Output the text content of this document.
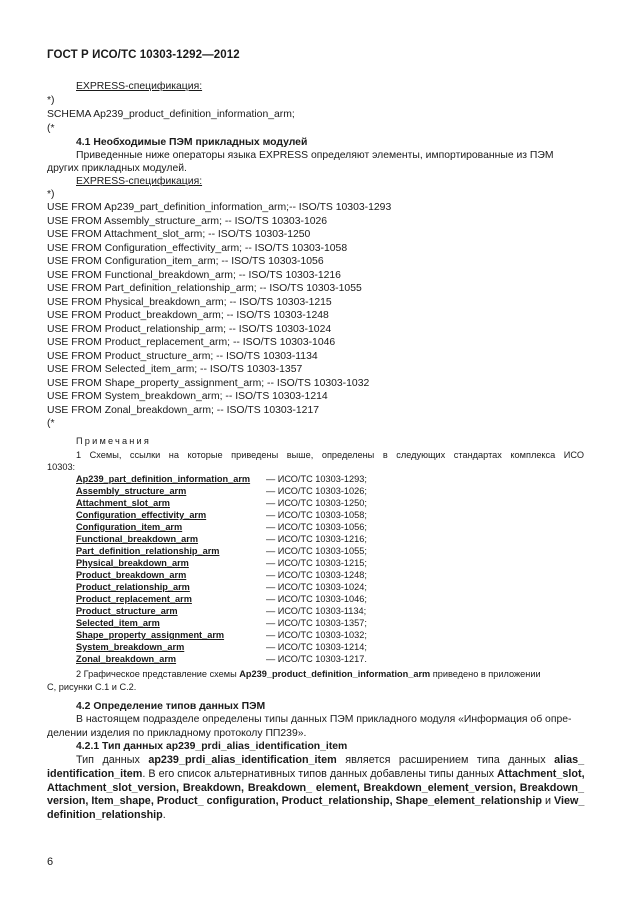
ГОСТ Р ИСО/ТС 10303-1292—2012
EXPRESS-спецификация:
*)
SCHEMA Ap239_product_definition_information_arm;
(*
4.1 Необходимые ПЭМ прикладных модулей
Приведенные ниже операторы языка EXPRESS определяют элементы, импортированные из ПЭМ
других прикладных модулей.
EXPRESS-спецификация:
*)
USE FROM Ap239_part_definition_information_arm;-- ISO/TS 10303-1293
USE FROM Assembly_structure_arm; -- ISO/TS 10303-1026
USE FROM Attachment_slot_arm; -- ISO/TS 10303-1250
USE FROM Configuration_effectivity_arm; -- ISO/TS 10303-1058
USE FROM Configuration_item_arm; -- ISO/TS 10303-1056
USE FROM Functional_breakdown_arm; -- ISO/TS 10303-1216
USE FROM Part_definition_relationship_arm; -- ISO/TS 10303-1055
USE FROM Physical_breakdown_arm; -- ISO/TS 10303-1215
USE FROM Product_breakdown_arm; -- ISO/TS 10303-1248
USE FROM Product_relationship_arm; -- ISO/TS 10303-1024
USE FROM Product_replacement_arm; -- ISO/TS 10303-1046
USE FROM Product_structure_arm; -- ISO/TS 10303-1134
USE FROM Selected_item_arm; -- ISO/TS 10303-1357
USE FROM Shape_property_assignment_arm; -- ISO/TS 10303-1032
USE FROM System_breakdown_arm; -- ISO/TS 10303-1214
USE FROM Zonal_breakdown_arm; -- ISO/TS 10303-1217
(*
Примечания
1 Схемы, ссылки на которые приведены выше, определены в следующих стандартах комплекса ИСО
10303:
Ap239_part_definition_information_arm — ИСО/ТС 10303-1293;
Assembly_structure_arm	— ИСО/ТС 10303-1026;
Attachment_slot_arm	— ИСО/ТС 10303-1250;
Configuration_effectivity_arm	— ИСО/ТС 10303-1058;
Configuration_item_arm	— ИСО/ТС 10303-1056;
Functional_breakdown_arm	— ИСО/ТС 10303-1216;
Part_definition_relationship_arm	— ИСО/ТС 10303-1055;
Physical_breakdown_arm	— ИСО/ТС 10303-1215;
Product_breakdown_arm	— ИСО/ТС 10303-1248;
Product_relationship_arm	— ИСО/ТС 10303-1024;
Product_replacement_arm	— ИСО/ТС 10303-1046;
Product_structure_arm	— ИСО/ТС 10303-1134;
Selected_item_arm	— ИСО/ТС 10303-1357;
Shape_property_assignment_arm	— ИСО/ТС 10303-1032;
System_breakdown_arm	— ИСО/ТС 10303-1214;
Zonal_breakdown_arm	— ИСО/ТС 10303-1217.
2 Графическое представление схемы Ap239_product_definition_information_arm приведено в приложении
С, рисунки С.1 и С.2.
4.2 Определение типов данных ПЭМ
В настоящем подразделе определены типы данных ПЭМ прикладного модуля «Информация об опре-
делении изделия по прикладному протоколу ПП239».
4.2.1 Тип данных ap239_prdi_alias_identification_item
Тип данных ap239_prdi_alias_identification_item является расширением типа данных alias_
identification_item. В его список альтернативных типов данных добавлены типы данных Attachment_slot,
Attachment_slot_version, Breakdown, Breakdown_ element, Breakdown_element_version, Breakdown_
version, Item_shape, Product_ configuration, Product_relationship, Shape_element_relationship и View_
definition_relationship.
6
